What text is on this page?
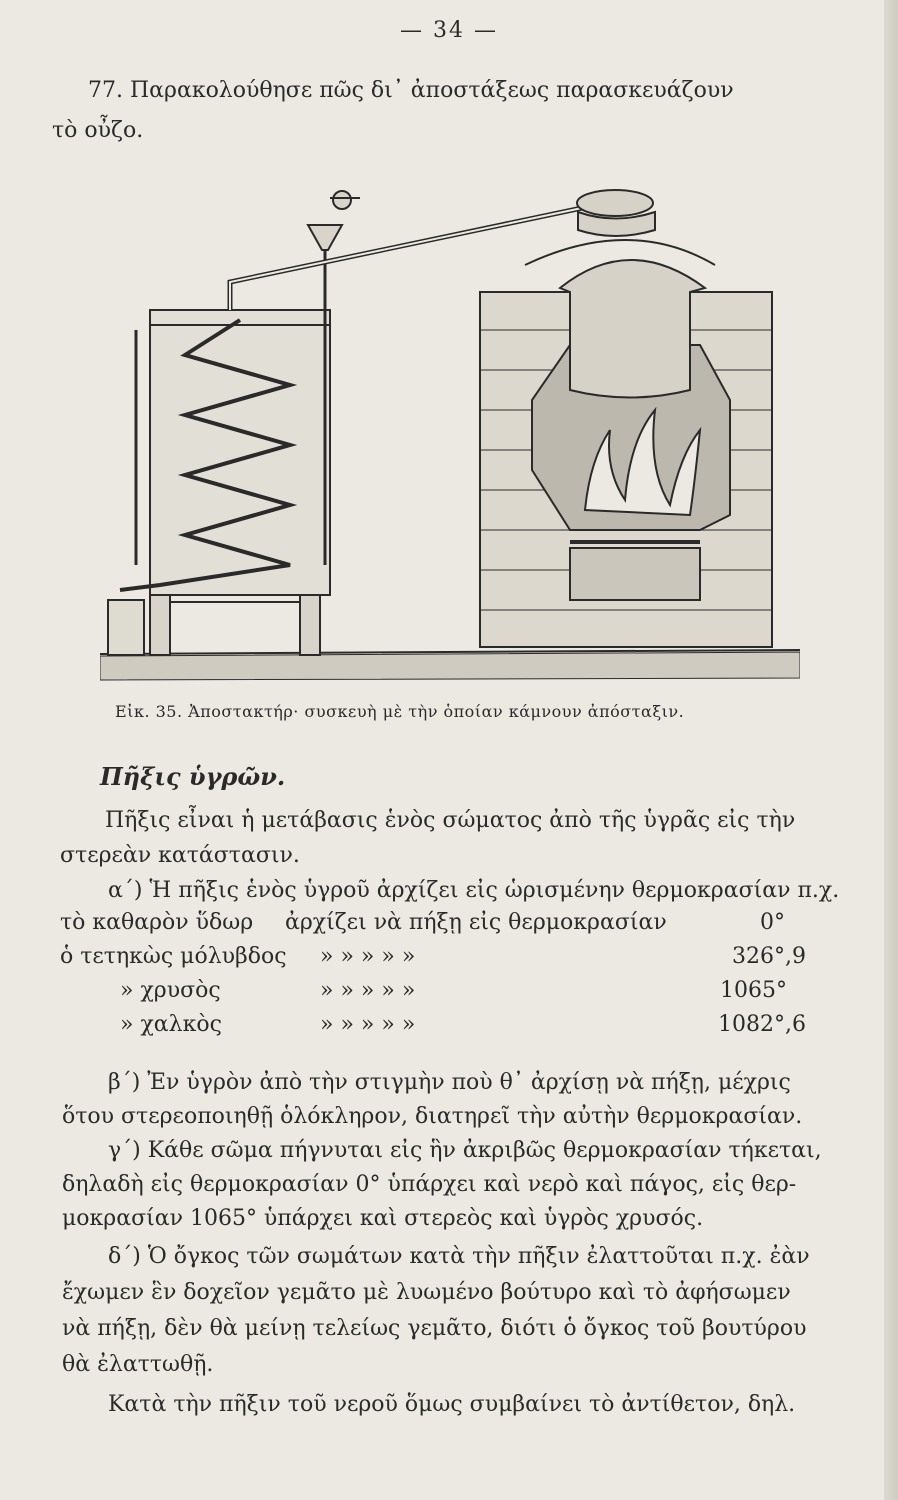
— 34 —
77. Παρακολούθησε πῶς δι᾿ ἀποστάξεως παρασκευάζουν
τὸ οὖζο.
Εἰκ. 35. Ἀποστακτήρ· συσκευὴ μὲ τὴν ὁποίαν κάμνουν ἀπόσταξιν.
Πῆξις ὑγρῶν.
Πῆξις εἶναι ἡ μετάβασις ἑνὸς σώματος ἀπὸ τῆς ὑγρᾶς εἰς τὴν
στερεὰν κατάστασιν.
α΄) Ἡ πῆξις ἑνὸς ὑγροῦ ἀρχίζει εἰς ὡρισμένην θερμοκρασίαν π.χ.
τὸ καθαρὸν ὕδωρ ἀρχίζει νὰ πήξῃ εἰς θερμοκρασίαν	0°
ὁ τετηκὼς μόλυβδος » » » » »	326°,9
» χρυσὸς	» » » » »	1065°
» χαλκὸς	» » » » »	1082°,6
β΄) Ἐν ὑγρὸν ἀπὸ τὴν στιγμὴν ποὺ θ᾿ ἀρχίσῃ νὰ πήξῃ, μέχρις
ὅτου στερεοποιηθῇ ὁλόκληρον, διατηρεῖ τὴν αὐτὴν θερμοκρασίαν.
γ΄) Κάθε σῶμα πήγνυται εἰς ἣν ἀκριβῶς θερμοκρασίαν τήκεται,
δηλαδὴ εἰς θερμοκρασίαν 0° ὑπάρχει καὶ νερὸ καὶ πάγος, εἰς θερ-
μοκρασίαν 1065° ὑπάρχει καὶ στερεὸς καὶ ὑγρὸς χρυσός.
δ΄) Ὁ ὄγκος τῶν σωμάτων κατὰ τὴν πῆξιν ἐλαττοῦται π.χ. ἐὰν
ἔχωμεν ἓν δοχεῖον γεμᾶτο μὲ λυωμένο βούτυρο καὶ τὸ ἀφήσωμεν
νὰ πήξῃ, δὲν θὰ μείνῃ τελείως γεμᾶτο, διότι ὁ ὄγκος τοῦ βουτύρου
θὰ ἐλαττωθῇ.
Κατὰ τὴν πῆξιν τοῦ νεροῦ ὅμως συμβαίνει τὸ ἀντίθετον, δηλ.
